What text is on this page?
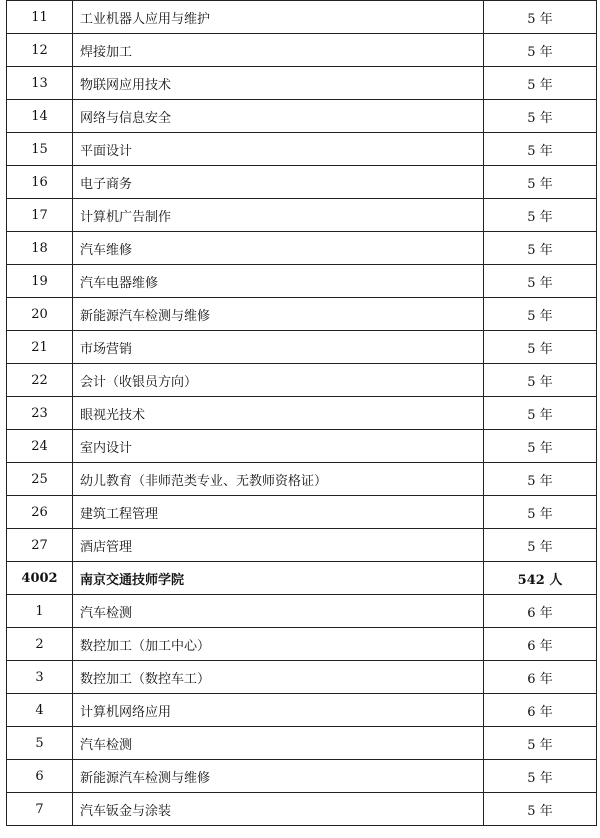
11	工业机器人应用与维护	5 年
12	焊接加工	5 年
13	物联网应用技术	5 年
14	网络与信息安全	5 年
15	平面设计	5 年
16	电子商务	5 年
17	计算机广告制作	5 年
18	汽车维修	5 年
19	汽车电器维修	5 年
20	新能源汽车检测与维修	5 年
21	市场营销	5 年
22	会计（收银员方向）	5 年
23	眼视光技术	5 年
24	室内设计	5 年
25	幼儿教育（非师范类专业、无教师资格证）	5 年
26	建筑工程管理	5 年
27	酒店管理	5 年
4002	南京交通技师学院	542 人
1	汽车检测	6 年
2	数控加工（加工中心）	6 年
3	数控加工（数控车工）	6 年
4	计算机网络应用	6 年
5	汽车检测	5 年
6	新能源汽车检测与维修	5 年
7	汽车钣金与涂装	5 年
